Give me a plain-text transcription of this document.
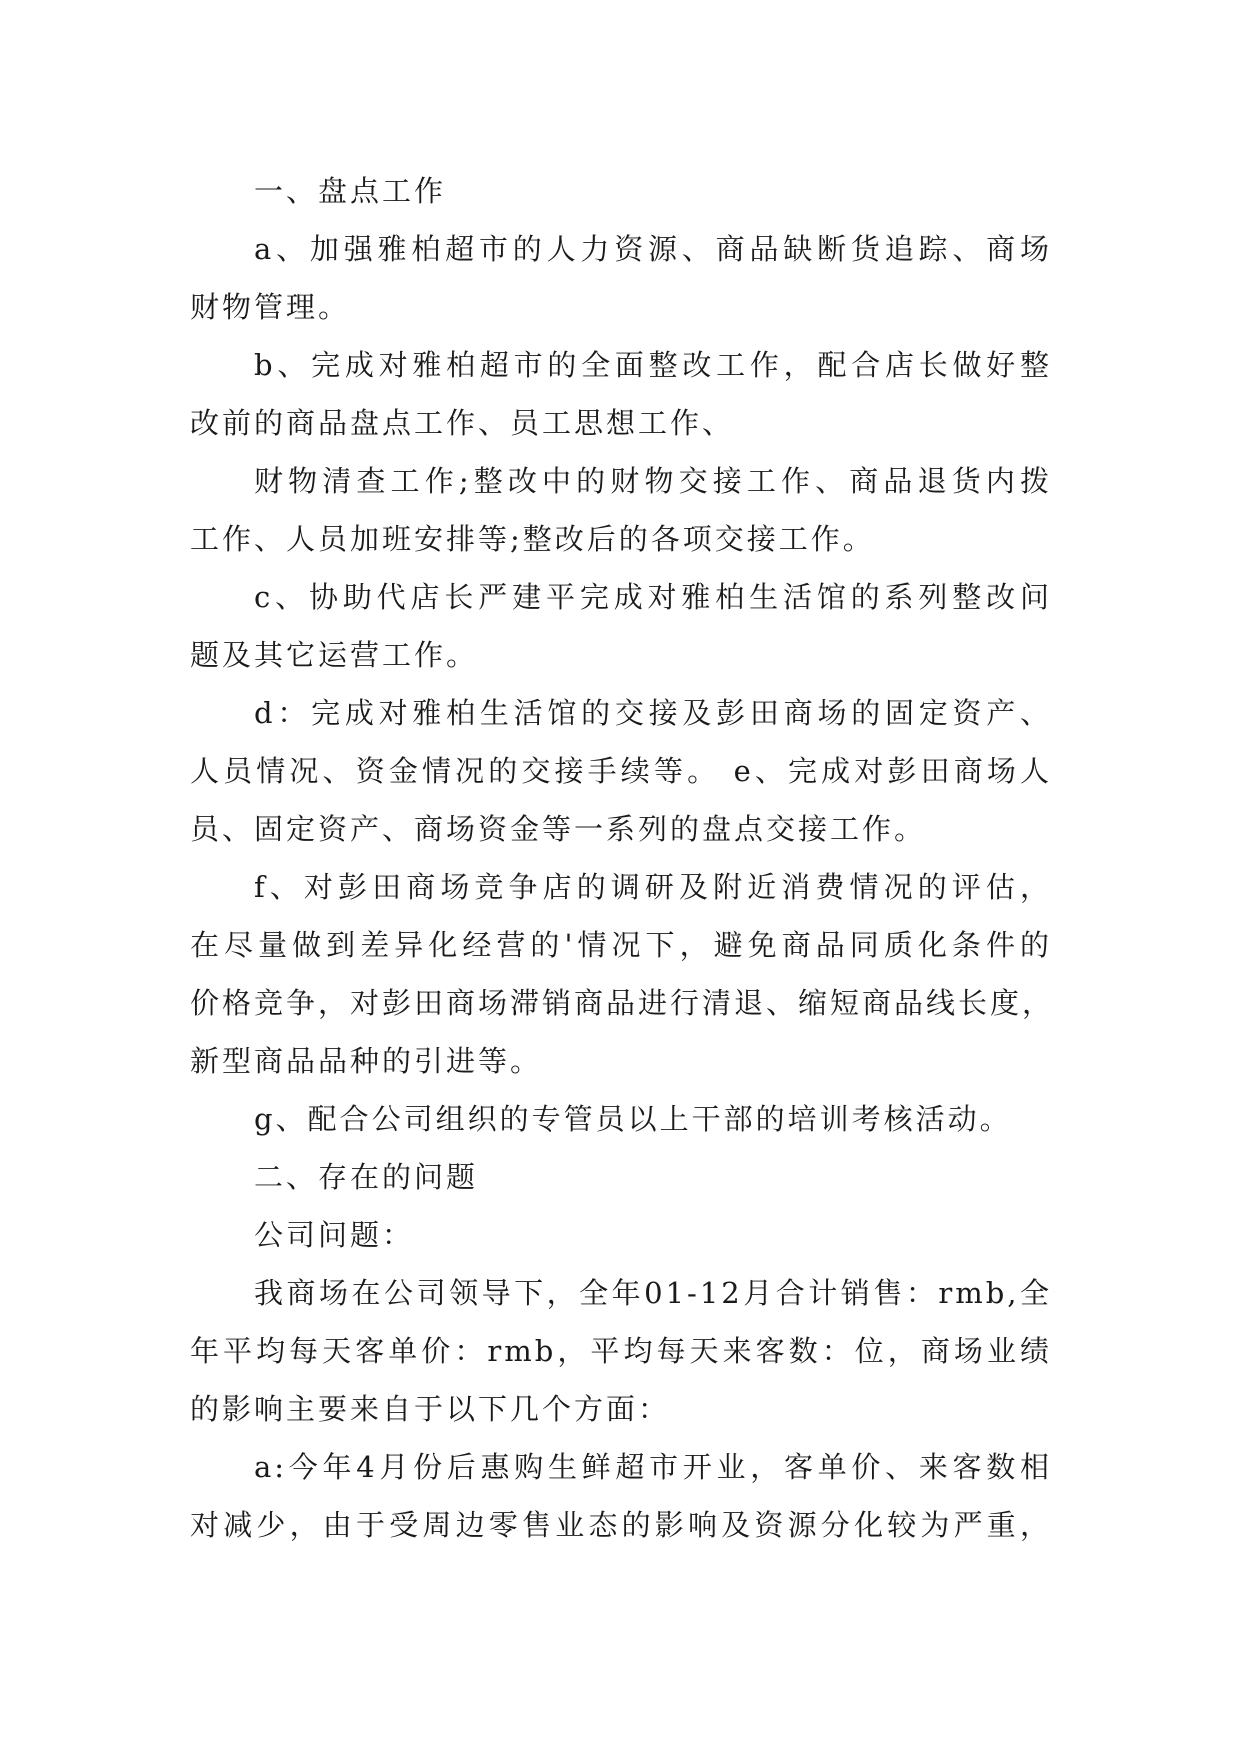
一、盘点工作
a、加强雅柏超市的人力资源、商品缺断货追踪、商场
财物管理。
b、完成对雅柏超市的全面整改工作，配合店长做好整
改前的商品盘点工作、员工思想工作、
财物清查工作;整改中的财物交接工作、商品退货内拨
工作、人员加班安排等;整改后的各项交接工作。
c、协助代店长严建平完成对雅柏生活馆的系列整改问
题及其它运营工作。
d：完成对雅柏生活馆的交接及彭田商场的固定资产、
人员情况、资金情况的交接手续等。 e、完成对彭田商场人
员、固定资产、商场资金等一系列的盘点交接工作。
f、对彭田商场竞争店的调研及附近消费情况的评估，
在尽量做到差异化经营的'情况下，避免商品同质化条件的
价格竞争，对彭田商场滞销商品进行清退、缩短商品线长度，
新型商品品种的引进等。
g、配合公司组织的专管员以上干部的培训考核活动。
二、存在的问题
公司问题：
我商场在公司领导下，全年01-12月合计销售：rmb,全
年平均每天客单价：rmb，平均每天来客数：位，商场业绩
的影响主要来自于以下几个方面：
a:今年4月份后惠购生鲜超市开业，客单价、来客数相
对减少，由于受周边零售业态的影响及资源分化较为严重，
